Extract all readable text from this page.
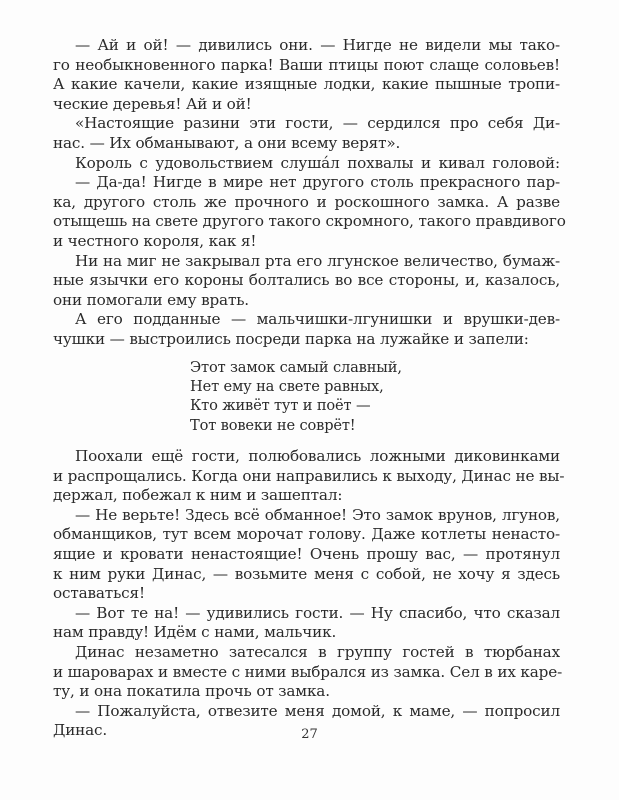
— Ай и ой! — дивились они. — Нигде не видели мы тако-
го необыкновенного парка! Ваши птицы поют слаще соловьев!
А какие качели, какие изящные лодки, какие пышные тропи-
ческие деревья! Ай и ой!
«Настоящие разини эти гости, — сердился про себя Ди-
нас. — Их обманывают, а они всему верят».
Король с удовольствием слушáл похвалы и кивал головой:
— Да-да! Нигде в мире нет другого столь прекрасного пар-
ка, другого столь же прочного и роскошного замка. А разве
отыщешь на свете другого такого скромного, такого правдивого
и честного короля, как я!
Ни на миг не закрывал рта его лгунское величество, бумаж-
ные язычки его короны болтались во все стороны, и, казалось,
они помогали ему врать.
А его подданные — мальчишки-лгунишки и врушки-дев-
чушки — выстроились посреди парка на лужайке и запели:
Этот замок самый славный,
Нет ему на свете равных,
Кто живёт тут и поёт —
Тот вовеки не соврёт!
Поохали ещё гости, полюбовались ложными диковинками
и распрощались. Когда они направились к выходу, Динас не вы-
держал, побежал к ним и зашептал:
— Не верьте! Здесь всё обманное! Это замок врунов, лгунов,
обманщиков, тут всем морочат голову. Даже котлеты ненасто-
ящие и кровати ненастоящие! Очень прошу вас, — протянул
к ним руки Динас, — возьмите меня с собой, не хочу я здесь
оставаться!
— Вот те на! — удивились гости. — Ну спасибо, что сказал
нам правду! Идём с нами, мальчик.
Динас незаметно затесался в группу гостей в тюрбанах
и шароварах и вместе с ними выбрался из замка. Сел в их каре-
ту, и она покатила прочь от замка.
— Пожалуйста, отвезите меня домой, к маме, — попросил
Динас.	27
